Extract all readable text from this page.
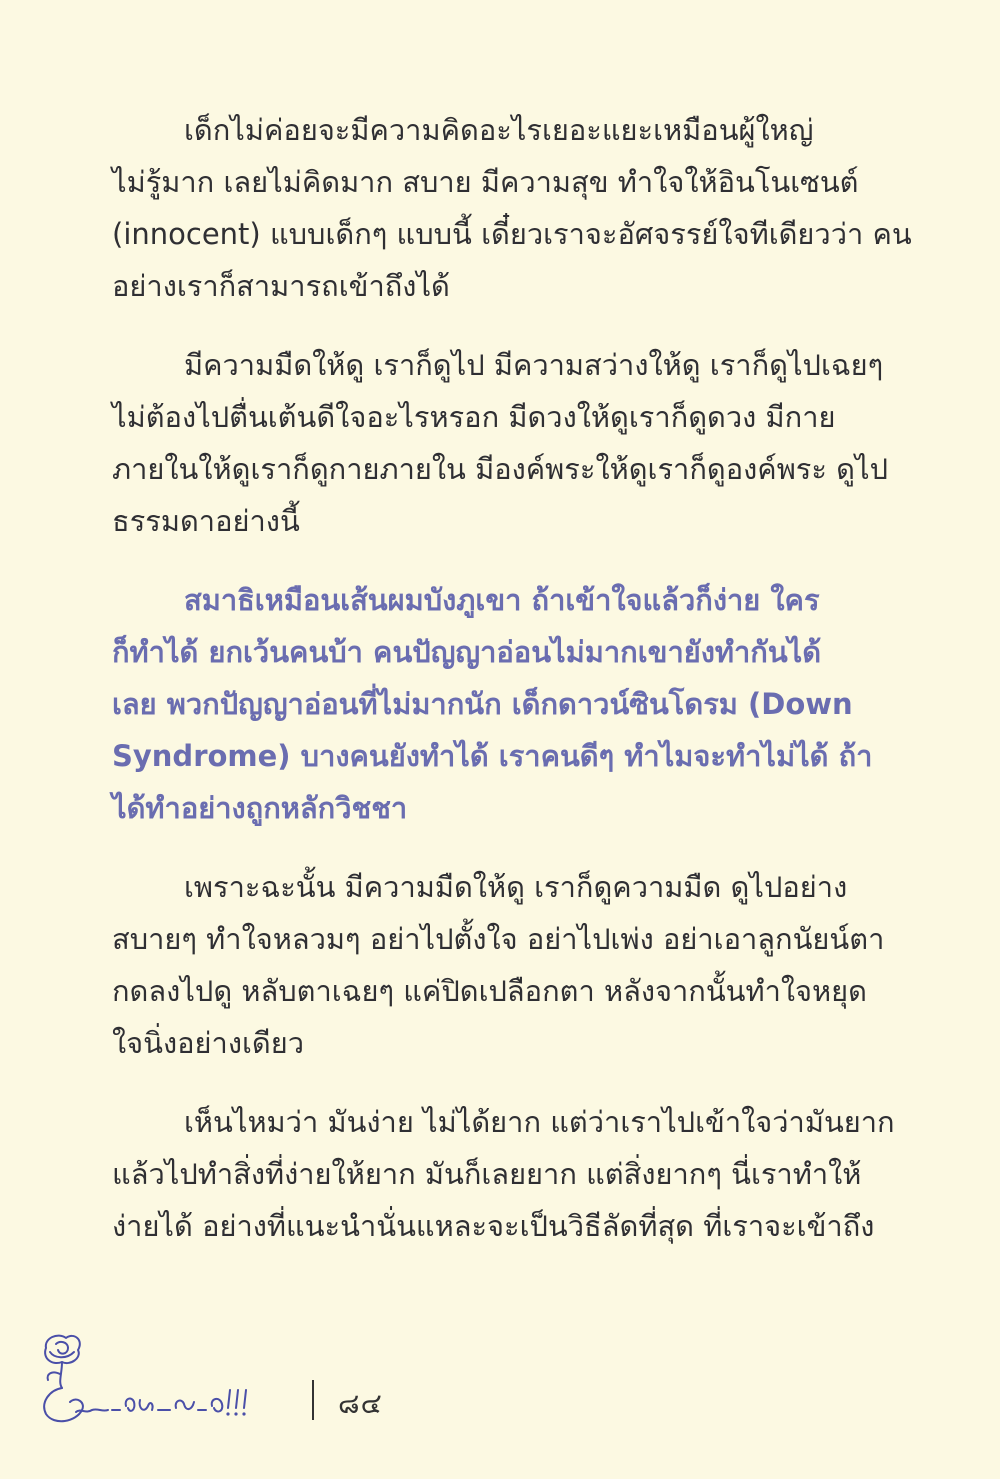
เด็กไม่ค่อยจะมีความคิดอะไรเยอะแยะเหมือนผู้ใหญ่
ไม่รู้มาก เลยไม่คิดมาก สบาย มีความสุข ทำใจให้อินโนเซนต์
(innocent) แบบเด็กๆ แบบนี้ เดี๋ยวเราจะอัศจรรย์ใจทีเดียวว่า คน
อย่างเราก็สามารถเข้าถึงได้
มีความมืดให้ดู เราก็ดูไป มีความสว่างให้ดู เราก็ดูไปเฉยๆ
ไม่ต้องไปตื่นเต้นดีใจอะไรหรอก มีดวงให้ดูเราก็ดูดวง มีกาย
ภายในให้ดูเราก็ดูกายภายใน มีองค์พระให้ดูเราก็ดูองค์พระ ดูไป
ธรรมดาอย่างนี้
สมาธิเหมือนเส้นผมบังภูเขา ถ้าเข้าใจแล้วก็ง่าย ใคร
ก็ทำได้ ยกเว้นคนบ้า คนปัญญาอ่อนไม่มากเขายังทำกันได้
เลย พวกปัญญาอ่อนที่ไม่มากนัก เด็กดาวน์ซินโดรม (Down
Syndrome) บางคนยังทำได้ เราคนดีๆ ทำไมจะทำไม่ได้ ถ้า
ได้ทำอย่างถูกหลักวิชชา
เพราะฉะนั้น มีความมืดให้ดู เราก็ดูความมืด ดูไปอย่าง
สบายๆ ทำใจหลวมๆ อย่าไปตั้งใจ อย่าไปเพ่ง อย่าเอาลูกนัยน์ตา
กดลงไปดู หลับตาเฉยๆ แค่ปิดเปลือกตา หลังจากนั้นทำใจหยุด
ใจนิ่งอย่างเดียว
เห็นไหมว่า มันง่าย ไม่ได้ยาก แต่ว่าเราไปเข้าใจว่ามันยาก
แล้วไปทำสิ่งที่ง่ายให้ยาก มันก็เลยยาก แต่สิ่งยากๆ นี่เราทำให้
ง่ายได้ อย่างที่แนะนำนั่นแหละจะเป็นวิธีลัดที่สุด ที่เราจะเข้าถึง
๘๔
